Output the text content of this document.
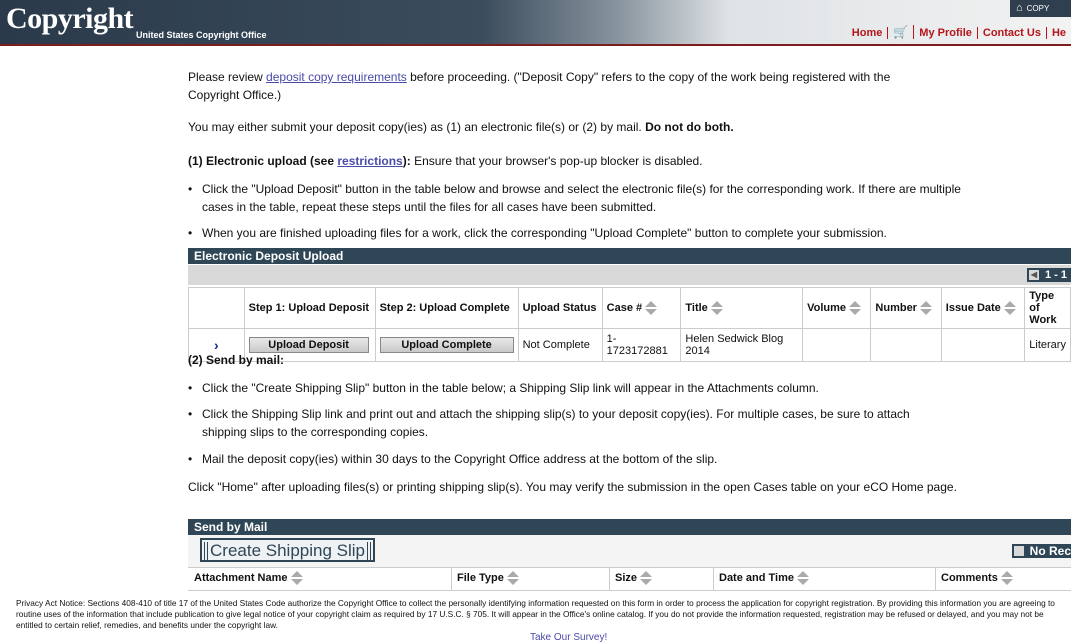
Copyright United States Copyright Office
⌂ COPY
Home 🛒 My Profile Contact Us He
Please review deposit copy requirements before proceeding. ("Deposit Copy" refers to the copy of the work being registered with the Copyright Office.)
You may either submit your deposit copy(ies) as (1) an electronic file(s) or (2) by mail. Do not do both.
(1) Electronic upload (see restrictions): Ensure that your browser's pop-up blocker is disabled.
• Click the "Upload Deposit" button in the table below and browse and select the electronic file(s) for the corresponding work. If there are multiple cases in the table, repeat these steps until the files for all cases have been submitted.
• When you are finished uploading files for a work, click the corresponding "Upload Complete" button to complete your submission.
Electronic Deposit Upload
◀ 1 - 1
	Step 1: Upload Deposit	Step 2: Upload Complete	Upload Status	Case #	Title	Volume	Number	Issue Date	Type of Work
›	Upload Deposit	Upload Complete	Not Complete	1-1723172881	Helen Sedwick Blog 2014				Literary
(2) Send by mail:
• Click the "Create Shipping Slip" button in the table below; a Shipping Slip link will appear in the Attachments column.
• Click the Shipping Slip link and print out and attach the shipping slip(s) to your deposit copy(ies). For multiple cases, be sure to attach shipping slips to the corresponding copies.
• Mail the deposit copy(ies) within 30 days to the Copyright Office address at the bottom of the slip.
Click "Home" after uploading files(s) or printing shipping slip(s). You may verify the submission in the open Cases table on your eCO Home page.
Send by Mail
Create Shipping Slip	No Rec
Attachment Name	File Type	Size	Date and Time	Comments
Privacy Act Notice: Sections 408-410 of title 17 of the United States Code authorize the Copyright Office to collect the personally identifying information requested on this form in order to process the application for copyright registration. By providing this information you are agreeing to routine uses of the information that include publication to give legal notice of your copyright claim as required by 17 U.S.C. § 705. It will appear in the Office's online catalog. If you do not provide the information requested, registration may be refused or delayed, and you may not be entitled to certain relief, remedies, and benefits under the copyright law.
Take Our Survey!
